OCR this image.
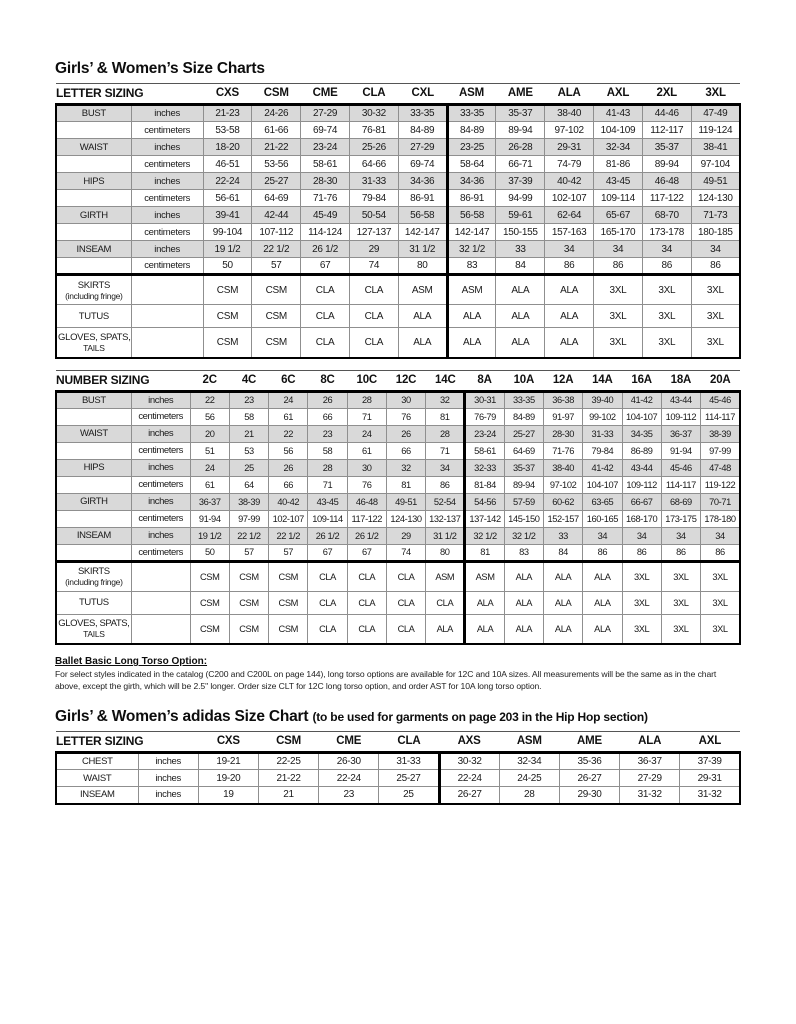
Girls’ & Women’s Size Charts
LETTER SIZING		CXS	CSM	CME	CLA	CXL	ASM	AME	ALA	AXL	2XL	3XL
BUST	inches	21-23	24-26	27-29	30-32	33-35	33-35	35-37	38-40	41-43	44-46	47-49
	centimeters	53-58	61-66	69-74	76-81	84-89	84-89	89-94	97-102	104-109	112-117	119-124
WAIST	inches	18-20	21-22	23-24	25-26	27-29	23-25	26-28	29-31	32-34	35-37	38-41
	centimeters	46-51	53-56	58-61	64-66	69-74	58-64	66-71	74-79	81-86	89-94	97-104
HIPS	inches	22-24	25-27	28-30	31-33	34-36	34-36	37-39	40-42	43-45	46-48	49-51
	centimeters	56-61	64-69	71-76	79-84	86-91	86-91	94-99	102-107	109-114	117-122	124-130
GIRTH	inches	39-41	42-44	45-49	50-54	56-58	56-58	59-61	62-64	65-67	68-70	71-73
	centimeters	99-104	107-112	114-124	127-137	142-147	142-147	150-155	157-163	165-170	173-178	180-185
INSEAM	inches	19 1/2	22 1/2	26 1/2	29	31 1/2	32 1/2	33	34	34	34	34
	centimeters	50	57	67	74	80	83	84	86	86	86	86
SKIRTS
(including fringe)		CSM	CSM	CLA	CLA	ASM	ASM	ALA	ALA	3XL	3XL	3XL
TUTUS		CSM	CSM	CLA	CLA	ALA	ALA	ALA	ALA	3XL	3XL	3XL
GLOVES, SPATS,
TAILS		CSM	CSM	CLA	CLA	ALA	ALA	ALA	ALA	3XL	3XL	3XL
NUMBER SIZING		2C	4C	6C	8C	10C	12C	14C	8A	10A	12A	14A	16A	18A	20A
BUST	inches	22	23	24	26	28	30	32	30-31	33-35	36-38	39-40	41-42	43-44	45-46
	centimeters	56	58	61	66	71	76	81	76-79	84-89	91-97	99-102	104-107	109-112	114-117
WAIST	inches	20	21	22	23	24	26	28	23-24	25-27	28-30	31-33	34-35	36-37	38-39
	centimeters	51	53	56	58	61	66	71	58-61	64-69	71-76	79-84	86-89	91-94	97-99
HIPS	inches	24	25	26	28	30	32	34	32-33	35-37	38-40	41-42	43-44	45-46	47-48
	centimeters	61	64	66	71	76	81	86	81-84	89-94	97-102	104-107	109-112	114-117	119-122
GIRTH	inches	36-37	38-39	40-42	43-45	46-48	49-51	52-54	54-56	57-59	60-62	63-65	66-67	68-69	70-71
	centimeters	91-94	97-99	102-107	109-114	117-122	124-130	132-137	137-142	145-150	152-157	160-165	168-170	173-175	178-180
INSEAM	inches	19 1/2	22 1/2	22 1/2	26 1/2	26 1/2	29	31 1/2	32 1/2	32 1/2	33	34	34	34	34
	centimeters	50	57	57	67	67	74	80	81	83	84	86	86	86	86
SKIRTS
(including fringe)		CSM	CSM	CSM	CLA	CLA	CLA	ASM	ASM	ALA	ALA	ALA	3XL	3XL	3XL
TUTUS		CSM	CSM	CSM	CLA	CLA	CLA	CLA	ALA	ALA	ALA	ALA	3XL	3XL	3XL
GLOVES, SPATS,
TAILS		CSM	CSM	CSM	CLA	CLA	CLA	ALA	ALA	ALA	ALA	ALA	3XL	3XL	3XL
Ballet Basic Long Torso Option:
For select styles indicated in the catalog (C200 and C200L on page 144), long torso options are available for 12C and 10A sizes. All measurements will be the same as in the chart above, except the girth, which will be 2.5" longer. Order size CLT for 12C long torso option, and order AST for 10A long torso option.
Girls’ & Women’s adidas Size Chart (to be used for garments on page 203 in the Hip Hop section)
LETTER SIZING		CXS	CSM	CME	CLA	AXS	ASM	AME	ALA	AXL
CHEST	inches	19-21	22-25	26-30	31-33	30-32	32-34	35-36	36-37	37-39
WAIST	inches	19-20	21-22	22-24	25-27	22-24	24-25	26-27	27-29	29-31
INSEAM	inches	19	21	23	25	26-27	28	29-30	31-32	31-32
